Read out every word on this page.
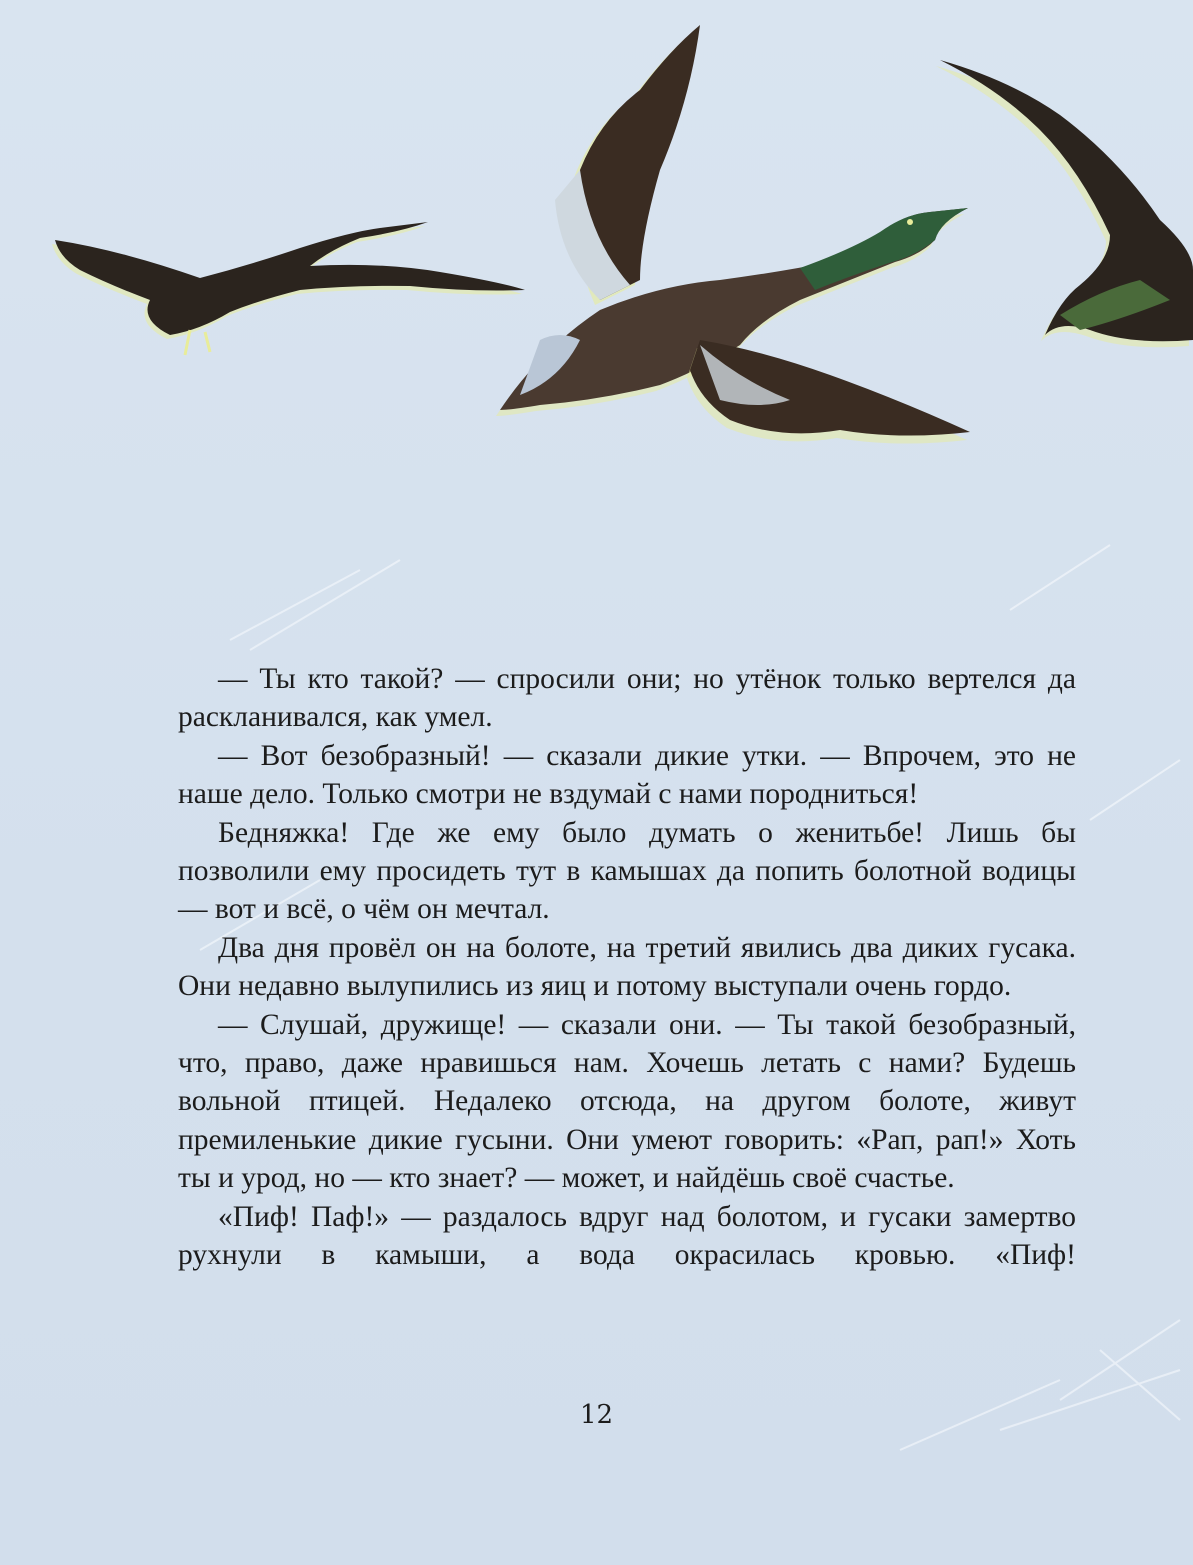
— Ты кто такой? — спросили они; но утёнок только вертелся да раскланивался, как умел.

— Вот безобразный! — сказали дикие утки. — Впрочем, это не наше дело. Только смотри не вздумай с нами породниться!

Бедняжка! Где же ему было думать о женитьбе! Лишь бы позволили ему просидеть тут в камышах да попить болотной водицы — вот и всё, о чём он мечтал.

Два дня провёл он на болоте, на третий явились два диких гусака. Они недавно вылупились из яиц и потому выступали очень гордо.

— Слушай, дружище! — сказали они. — Ты такой безобразный, что, право, даже нравишься нам. Хочешь летать с нами? Будешь вольной птицей. Недалеко отсюда, на другом болоте, живут премиленькие дикие гусыни. Они умеют говорить: «Рап, рап!» Хоть ты и урод, но — кто знает? — может, и найдёшь своё счастье.

«Пиф! Паф!» — раздалось вдруг над болотом, и гусаки замертво рухнули в камыши, а вода окрасилась кровью. «Пиф!

12
